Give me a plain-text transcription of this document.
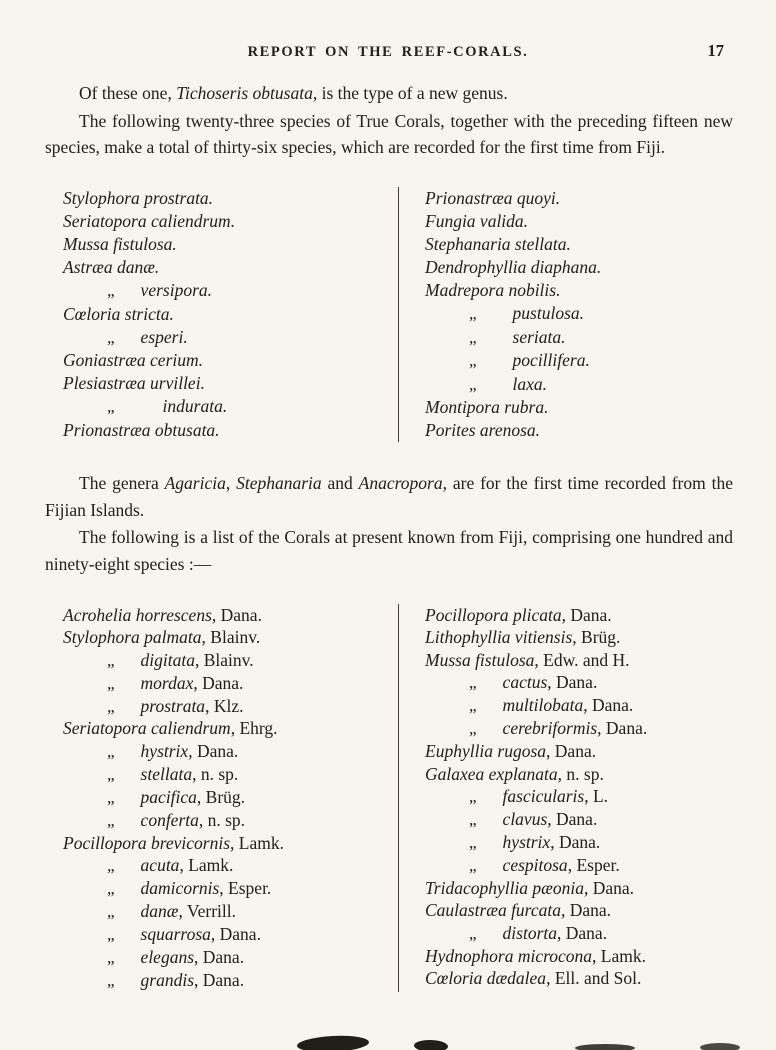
REPORT ON THE REEF-CORALS.	17

Of these one, Tichoseris obtusata, is the type of a new genus.

The following twenty-three species of True Corals, together with the preceding fifteen new species, make a total of thirty-six species, which are recorded for the first time from Fiji.

Stylophora prostrata.
Seriatopora caliendrum.
Mussa fistulosa.
Astræa danæ.
„ versipora.
Cœloria stricta.
„ esperi.
Goniastræa cerium.
Plesiastræa urvillei.
„	indurata.
Prionastræa obtusata.
Prionastræa quoyi.
Fungia valida.
Stephanaria stellata.
Dendrophyllia diaphana.
Madrepora nobilis.
„ pustulosa.
„ seriata.
„ pocillifera.
„ laxa.
Montipora rubra.
Porites arenosa.

The genera Agaricia, Stephanaria and Anacropora, are for the first time recorded from the Fijian Islands.

The following is a list of the Corals at present known from Fiji, comprising one hundred and ninety-eight species :—

Acrohelia horrescens, Dana.
Stylophora palmata, Blainv.
„ digitata, Blainv.
„ mordax, Dana.
„ prostrata, Klz.
Seriatopora caliendrum, Ehrg.
„ hystrix, Dana.
„ stellata, n. sp.
„ pacifica, Brüg.
„ conferta, n. sp.
Pocillopora brevicornis, Lamk.
„ acuta, Lamk.
„ damicornis, Esper.
„ danæ, Verrill.
„ squarrosa, Dana.
„ elegans, Dana.
„ grandis, Dana.
Pocillopora plicata, Dana.
Lithophyllia vitiensis, Brüg.
Mussa fistulosa, Edw. and H.
„ cactus, Dana.
„ multilobata, Dana.
„ cerebriformis, Dana.
Euphyllia rugosa, Dana.
Galaxea explanata, n. sp.
„ fascicularis, L.
„ clavus, Dana.
„ hystrix, Dana.
„ cespitosa, Esper.
Tridacophyllia pæonia, Dana.
Caulastræa furcata, Dana.
„ distorta, Dana.
Hydnophora microcona, Lamk.
Cœloria dædalea, Ell. and Sol.
